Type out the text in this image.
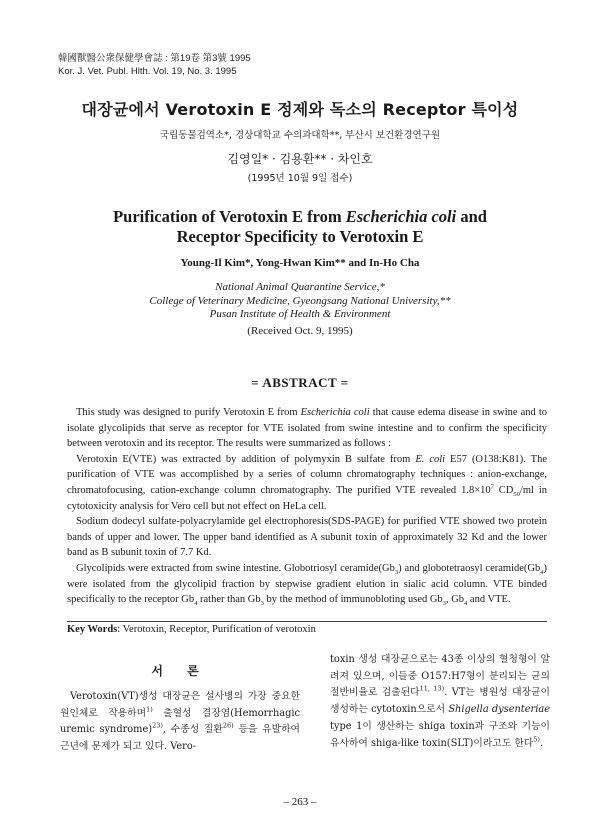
韓國獸醫公衆保健學會誌 : 第19卷 第3號 1995
Kor. J. Vet. Publ. Hlth. Vol. 19, No. 3. 1995
대장균에서 Verotoxin E 정제와 독소의 Receptor 특이성
국립동물검역소*, 경상대학교 수의과대학**, 부산시 보건환경연구원
김영일* · 김용환** · 차인호
(1995년 10월 9일 접수)
Purification of Verotoxin E from Escherichia coli and
Receptor Specificity to Verotoxin E
Young-Il Kim*, Yong-Hwan Kim** and In-Ho Cha
National Animal Quarantine Service,*
College of Veterinary Medicine, Gyeongsang National University,**
Pusan Institute of Health & Environment
(Received Oct. 9, 1995)
= ABSTRACT =

This study was designed to purify Verotoxin E from Escherichia coli that cause edema disease in swine and to isolate glycolipids that serve as receptor for VTE isolated from swine intestine and to confirm the specificity between verotoxin and its receptor. The results were summarized as follows :

Verotoxin E(VTE) was extracted by addition of polymyxin B sulfate from E. coli E57 (O138:K81). The purification of VTE was accomplished by a series of column chromatography techniques : anion-exchange, chromatofocusing, cation-exchange column chromatography. The purified VTE revealed $1.8\times 10^7$ $CD_{50}/ml$ in cytotoxicity analysis for Vero cell but not effect on HeLa cell.

Sodium dodecyl sulfate-polyacrylamide gel electrophoresis(SDS-PAGE) for purified VTE showed two protein bands of upper and lower. The upper band identified as A subunit toxin of approximately 32 Kd and the lower band as B subunit toxin of 7.7 Kd.

Glycolipids were extracted from swine intestine. Globotriosyl $ceramide(Gb_3)$ and globotetraosyl $ceramide(Gb_4)$ were isolated from the glycolipid fraction by stepwise gradient elution in sialic acid column. VTE binded specifically to the receptor $Gb_4$ rather than $Gb_3$ by the method of immunobloting used $Gb_3$, $Gb_4$ and VTE.

Key Words: Verotoxin, Receptor, Purification of verotoxin
서 론

Verotoxin(VT)생성 대장균은 설사병의 가장 중요한 원인체로 작용하며$^{1)}$ 출혈성 결장염(Hemorrhagic uremic syndrome)$^{23)}$, 수종성 질환$^{26)}$ 등을 유발하여 근년에 문제가 되고 있다. Vero-

toxin 생성 대장균으로는 43종 이상의 혈청형이 알려져 있으며, 이들중 O157:H7형이 분리되는 균의 절반비율로 검출된다$^{11, 13)}$. VT는 병원성 대장균이 생성하는 cytotoxin으로서 Shigella dysenteriae type 1이 생산하는 shiga toxin과 구조와 기능이 유사하여 shiga-like toxin(SLT)이라고도 한다$^{5)}$.

– 263 –
